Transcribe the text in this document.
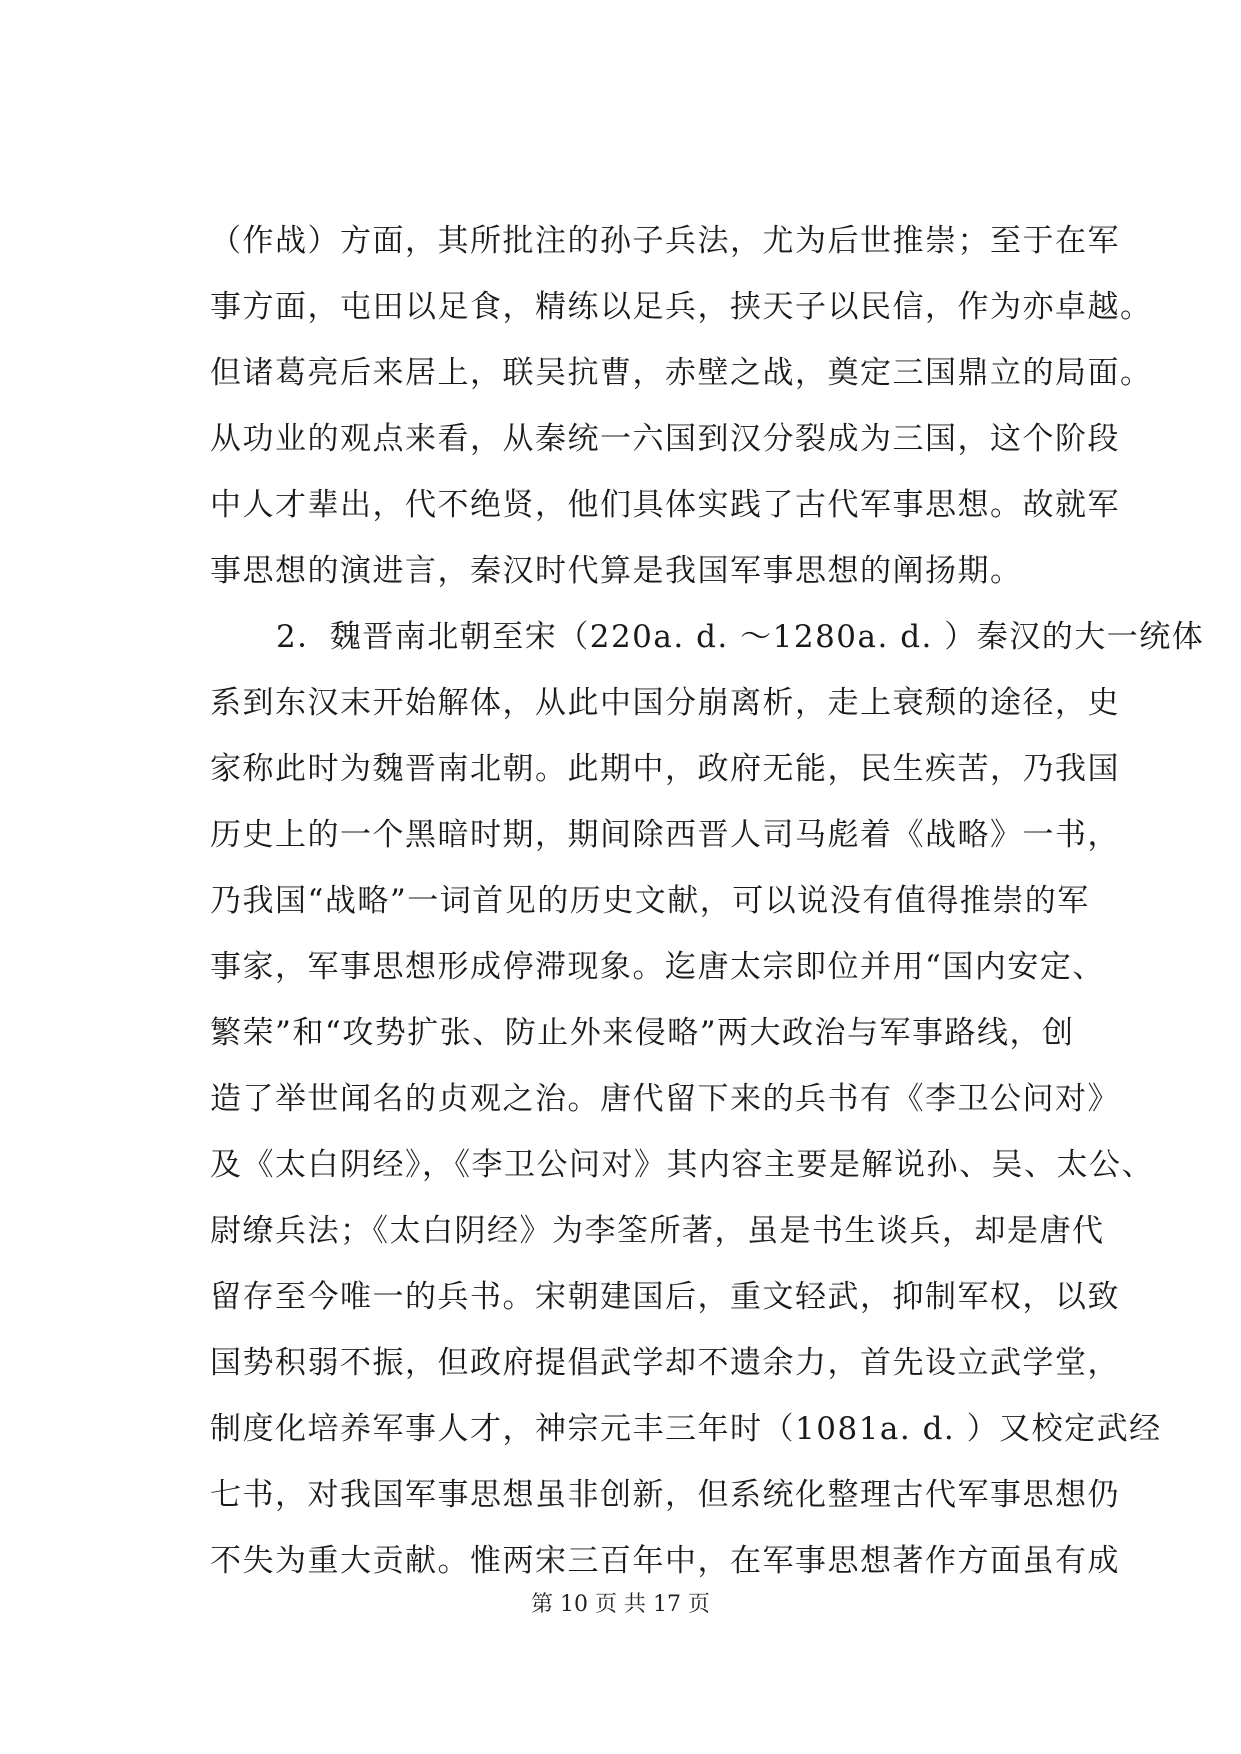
（作战）方面，其所批注的孙子兵法，尤为后世推崇；至于在军
事方面，屯田以足食，精练以足兵，挟天子以民信，作为亦卓越。
但诸葛亮后来居上，联吴抗曹，赤壁之战，奠定三国鼎立的局面。
从功业的观点来看，从秦统一六国到汉分裂成为三国，这个阶段
中人才辈出，代不绝贤，他们具体实践了古代军事思想。故就军
事思想的演进言，秦汉时代算是我国军事思想的阐扬期。
2．魏晋南北朝至宋（220a. d. ～1280a. d. ）秦汉的大一统体
系到东汉末开始解体，从此中国分崩离析，走上衰颓的途径，史
家称此时为魏晋南北朝。此期中，政府无能，民生疾苦，乃我国
历史上的一个黑暗时期，期间除西晋人司马彪着《战略》一书，
乃我国“战略”一词首见的历史文献，可以说没有值得推崇的军
事家，军事思想形成停滞现象。迄唐太宗即位并用“国内安定、
繁荣”和“攻势扩张、防止外来侵略”两大政治与军事路线，创
造了举世闻名的贞观之治。唐代留下来的兵书有《李卫公问对》
及《太白阴经》，《李卫公问对》其内容主要是解说孙、吴、太公、
尉缭兵法；《太白阴经》为李筌所著，虽是书生谈兵，却是唐代
留存至今唯一的兵书。宋朝建国后，重文轻武，抑制军权，以致
国势积弱不振，但政府提倡武学却不遗余力，首先设立武学堂，
制度化培养军事人才，神宗元丰三年时（1081a. d. ）又校定武经
七书，对我国军事思想虽非创新，但系统化整理古代军事思想仍
不失为重大贡献。惟两宋三百年中，在军事思想著作方面虽有成
第 10 页 共 17 页
